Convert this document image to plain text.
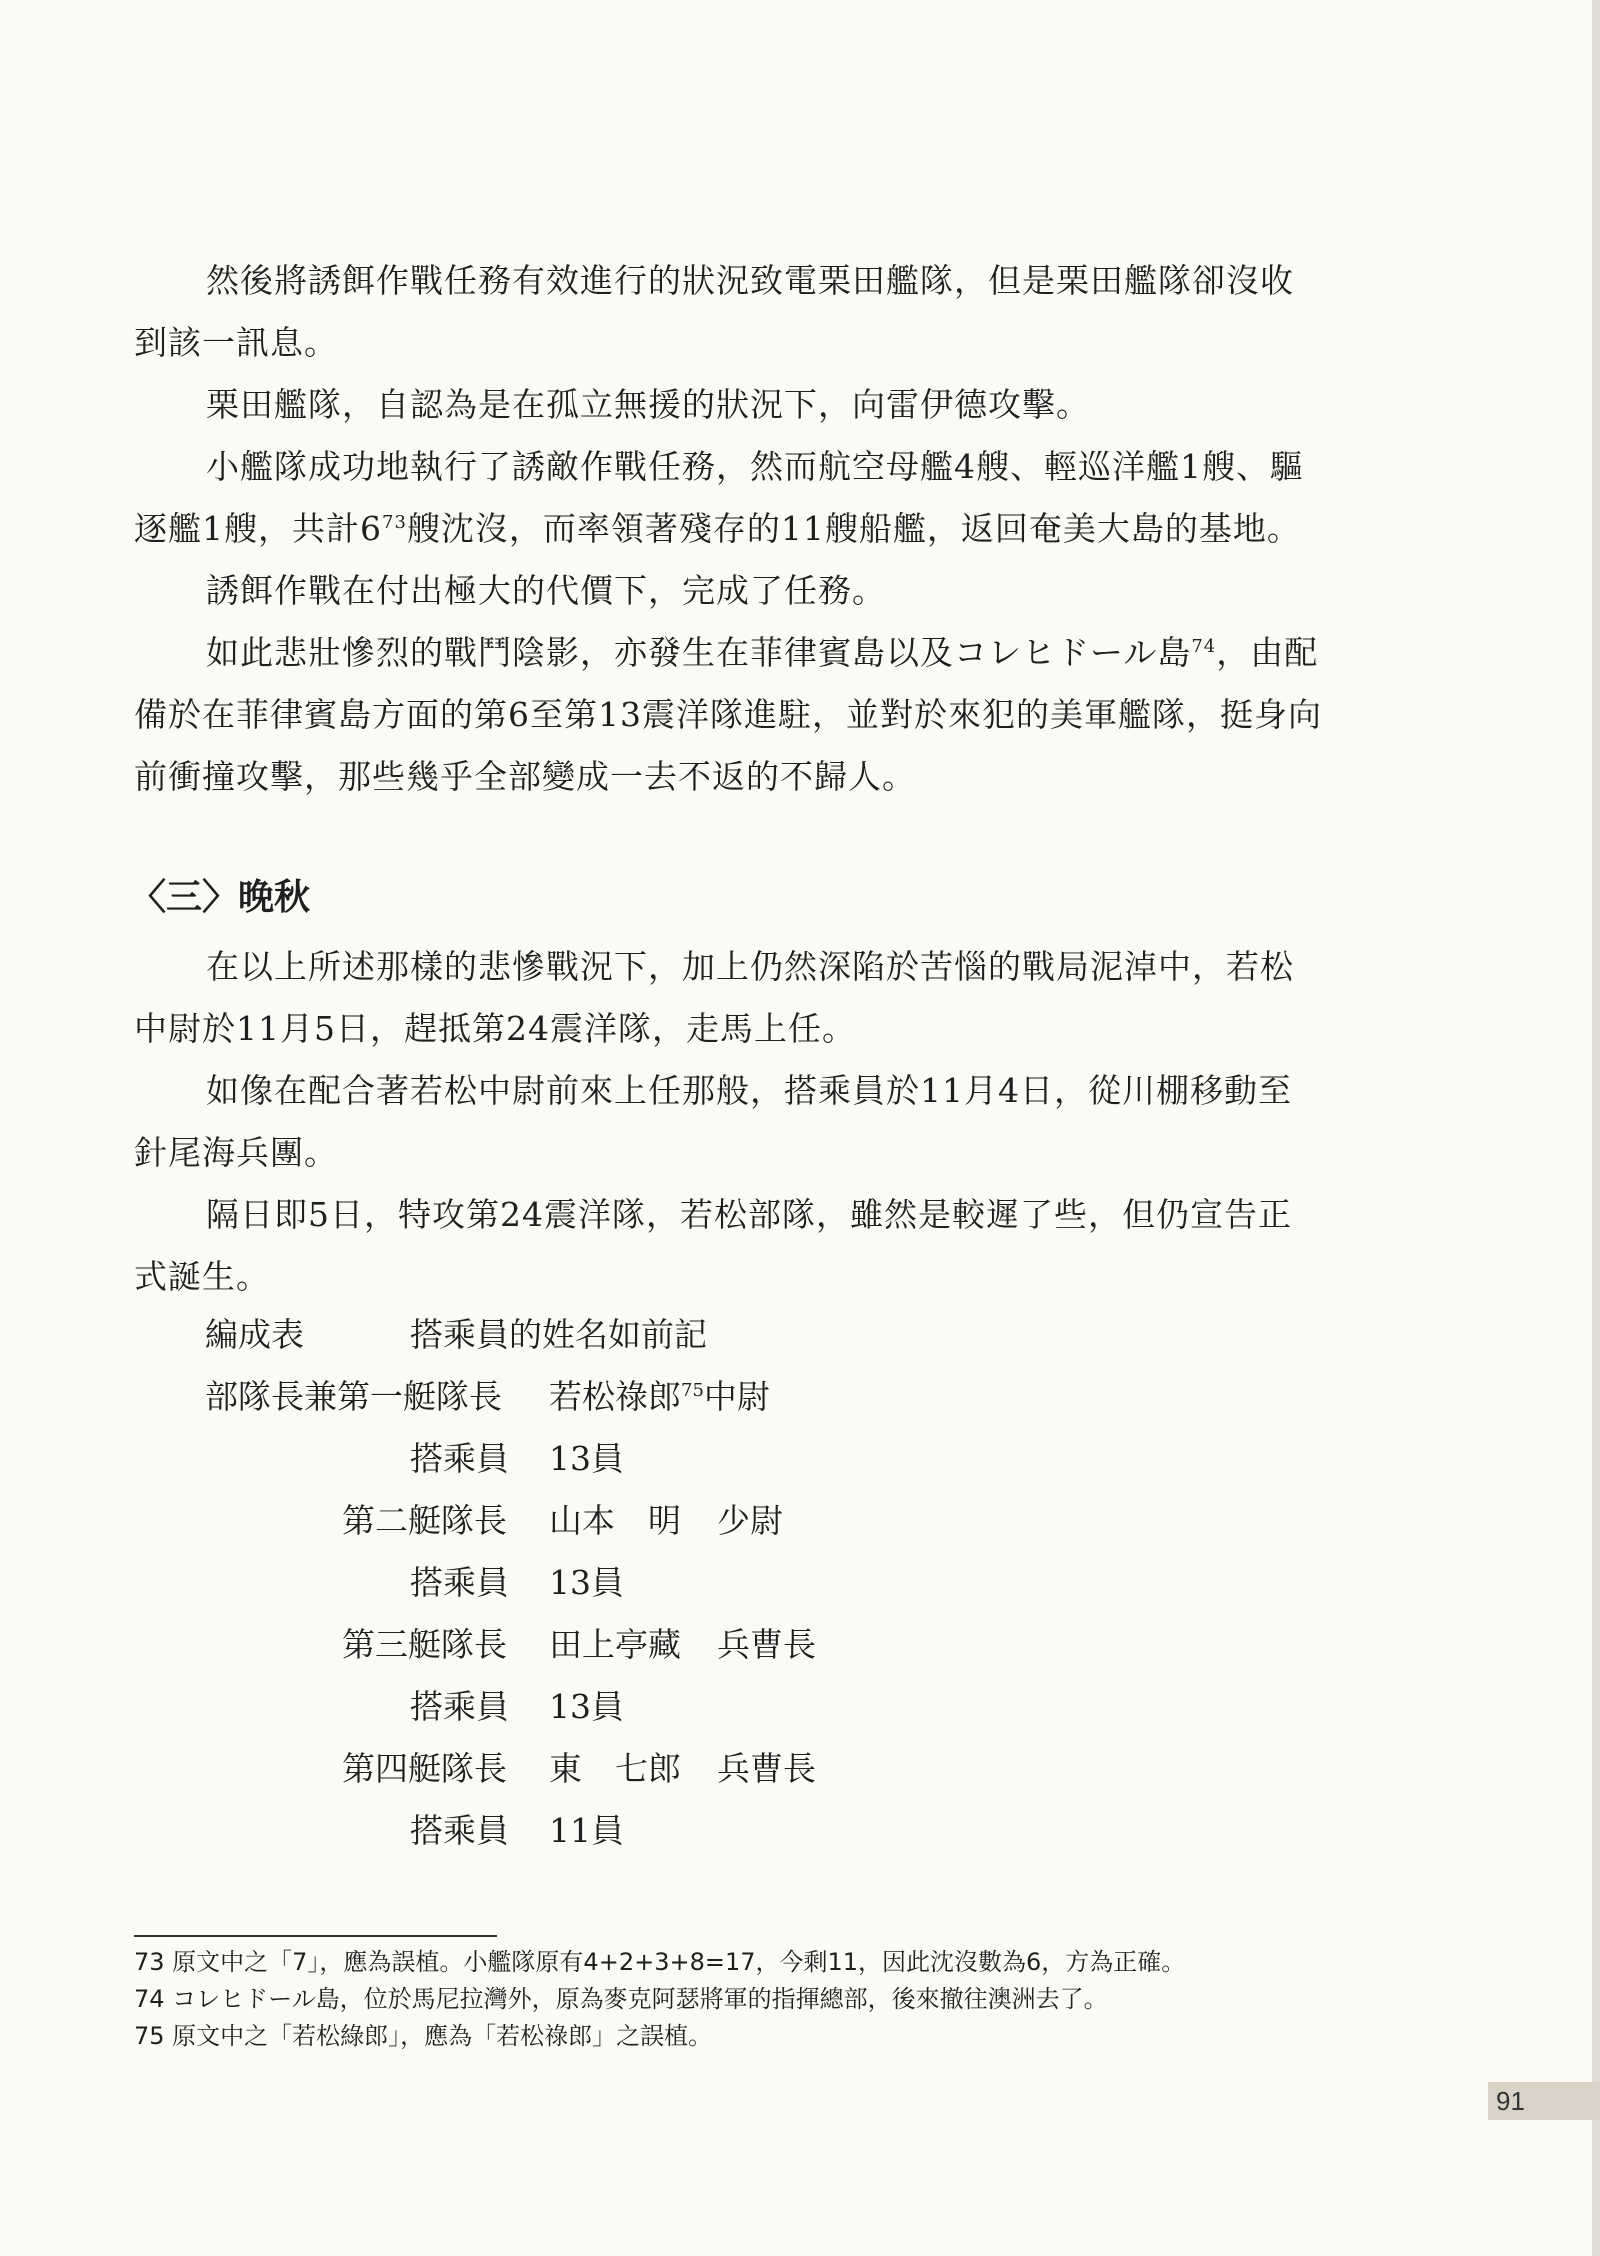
然後將誘餌作戰任務有效進行的狀況致電栗田艦隊，但是栗田艦隊卻沒收到該一訊息。

栗田艦隊，自認為是在孤立無援的狀況下，向雷伊德攻擊。

小艦隊成功地執行了誘敵作戰任務，然而航空母艦4艘、輕巡洋艦1艘、驅逐艦1艘，共計$6^{73}$艘沈沒，而率領著殘存的11艘船艦，返回奄美大島的基地。

誘餌作戰在付出極大的代價下，完成了任務。

如此悲壯慘烈的戰鬥陰影，亦發生在菲律賓島以及コレヒドール島$^{74}$，由配備於在菲律賓島方面的第6至第13震洋隊進駐，並對於來犯的美軍艦隊，挺身向前衝撞攻擊，那些幾乎全部變成一去不返的不歸人。

〈三〉晚秋

在以上所述那樣的悲慘戰況下，加上仍然深陷於苦惱的戰局泥淖中，若松中尉於11月5日，趕抵第24震洋隊，走馬上任。

如像在配合著若松中尉前來上任那般，搭乘員於11月4日，從川棚移動至針尾海兵團。

隔日即5日，特攻第24震洋隊，若松部隊，雖然是較遲了些，但仍宣告正式誕生。

編成表	搭乘員的姓名如前記
部隊長兼第一艇隊長 若松祿郎$^{75}$中尉
搭乘員 13員
第二艇隊長 山本　明 少尉
搭乘員 13員
第三艇隊長 田上亭藏 兵曹長
搭乘員 13員
第四艇隊長 東　七郎 兵曹長
搭乘員 11員

73 原文中之「7」，應為誤植。小艦隊原有4+2+3+8=17，今剩11，因此沈沒數為6，方為正確。

74 コレヒドール島，位於馬尼拉灣外，原為麥克阿瑟將軍的指揮總部，後來撤往澳洲去了。

75 原文中之「若松綠郎」，應為「若松祿郎」之誤植。

91
